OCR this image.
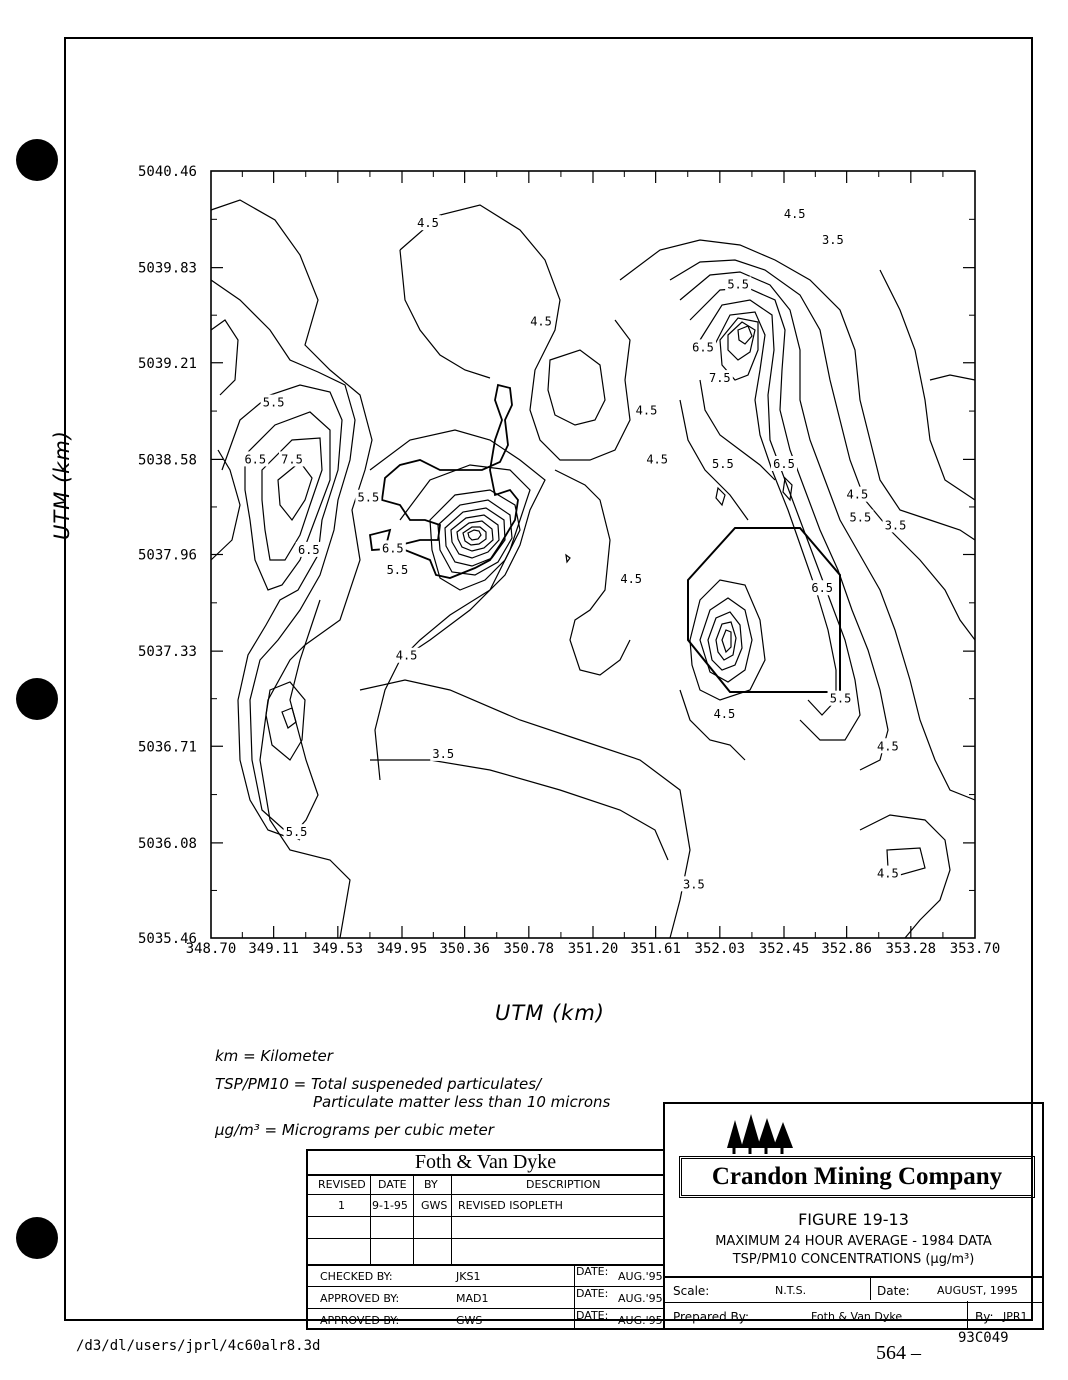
4.5
4.5
4.5
4.5
4.5
4.5
4.5
4.5
4.5
4.5
4.5
3.5
3.5
3.5
3.5
5.5
5.5
5.5
5.5
5.5
5.5
5.5
5.5
6.5
6.5	6.5
6.5
6.5
6.5
7.5
7.5
348.70 349.11 349.53 349.95 350.36 350.78 351.20 351.61 352.03 352.45 352.86 353.28 353.70
5040.46
5039.83
5039.21
5038.58
5037.96
5037.33
5036.71
5036.08
5035.46
UTM (km)
UTM (km)
km = Kilometer
TSP/PM10 = Total suspeneded particulates/
Particulate matter less than 10 microns
µg/m³ = Micrograms per cubic meter
Foth & Van Dyke
REVISED DATE BY	DESCRIPTION
1 9-1-95 GWS REVISED ISOPLETH
CHECKED BY:	JKS1	DATE: AUG.'95
APPROVED BY:	MAD1	DATE: AUG.'95
APPROVED BY:	GWS	DATE: AUG.'95
Crandon Mining Company
FIGURE 19-13
MAXIMUM 24 HOUR AVERAGE - 1984 DATA
TSP/PM10 CONCENTRATIONS (µg/m³)
Scale:	N.T.S.	Date: AUGUST, 1995
Prepared By:	Foth & Van Dyke	By: JPR1
93C049
/d3/dl/users/jprl/4c60alr8.3d	564 –
